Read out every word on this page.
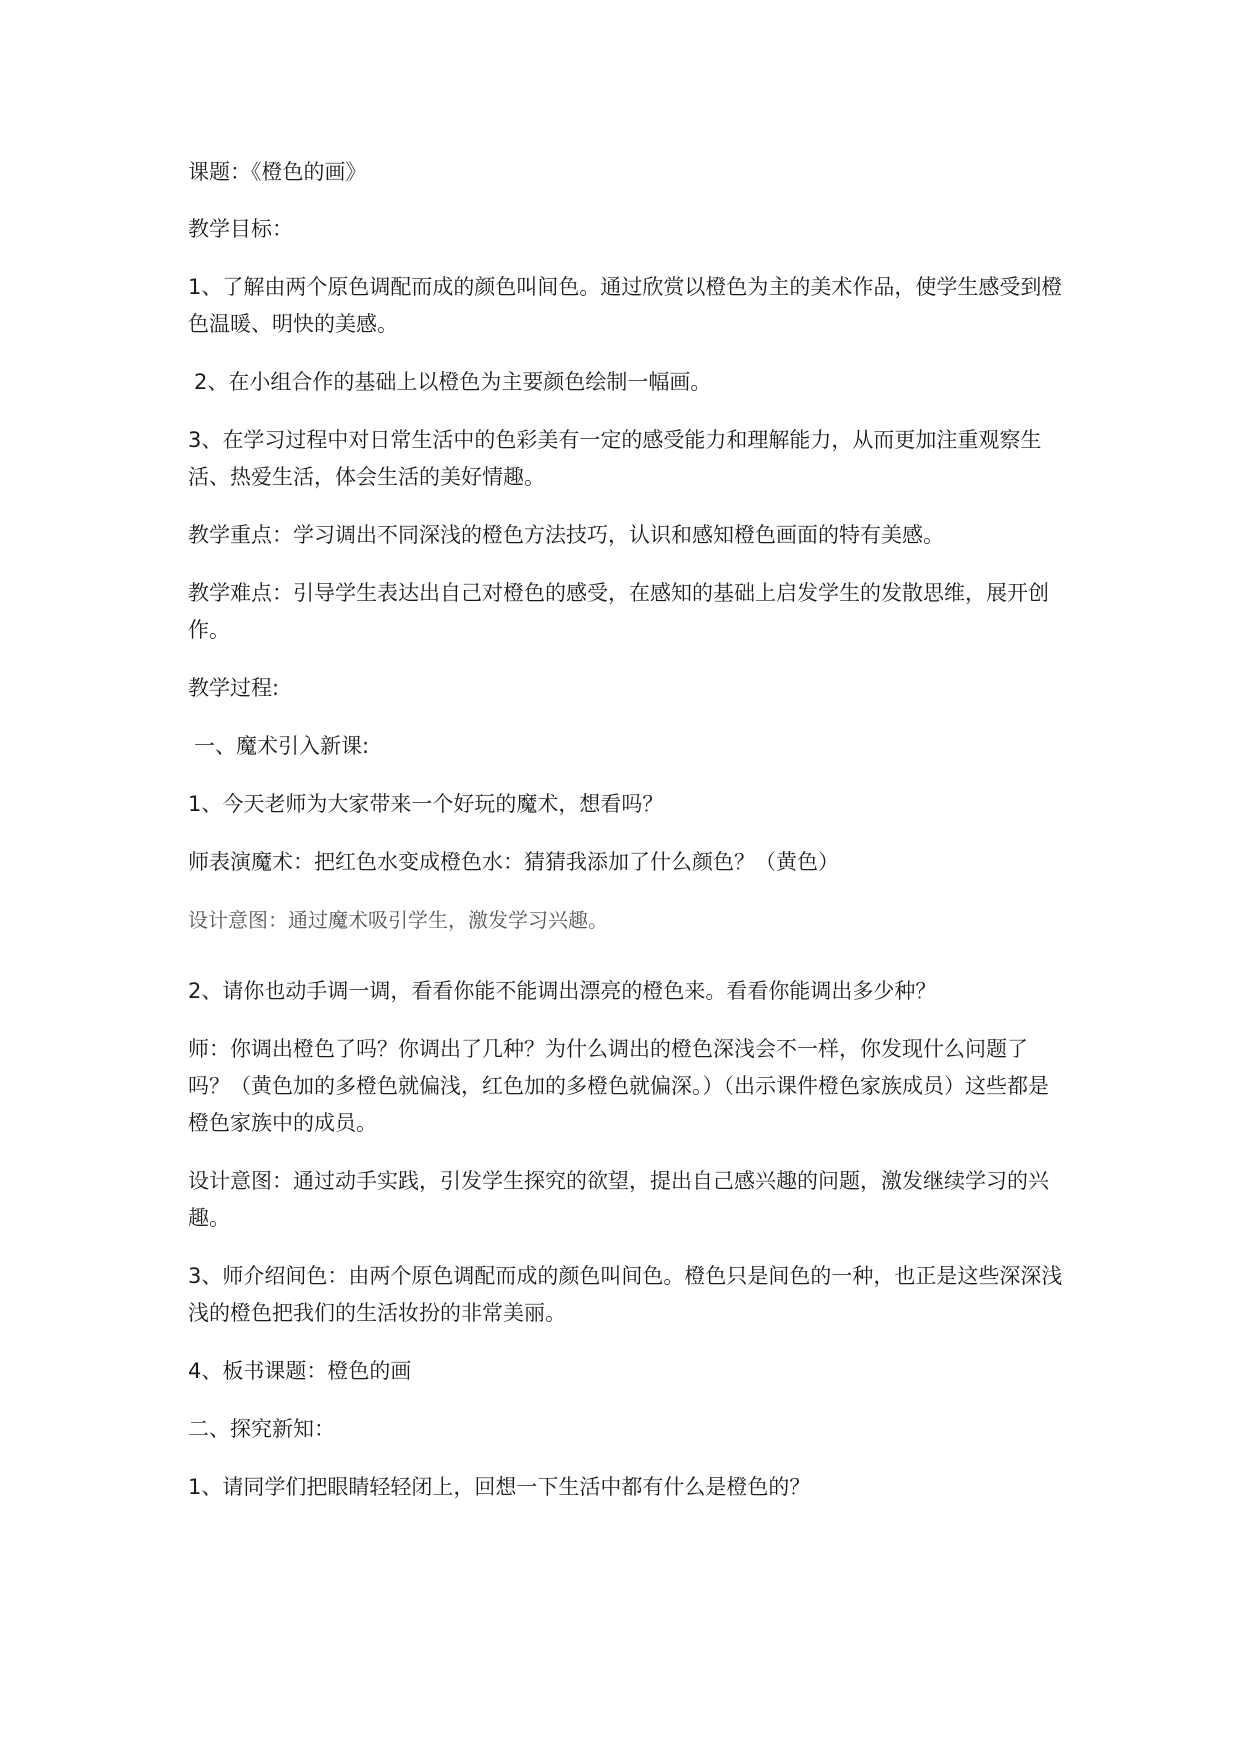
课题：《橙色的画》

教学目标：

1、了解由两个原色调配而成的颜色叫间色。通过欣赏以橙色为主的美术作品，使学生感受到橙色温暖、明快的美感。

2、在小组合作的基础上以橙色为主要颜色绘制一幅画。

3、在学习过程中对日常生活中的色彩美有一定的感受能力和理解能力，从而更加注重观察生活、热爱生活，体会生活的美好情趣。

教学重点：学习调出不同深浅的橙色方法技巧，认识和感知橙色画面的特有美感。

教学难点：引导学生表达出自己对橙色的感受，在感知的基础上启发学生的发散思维，展开创作。

教学过程:

一、魔术引入新课:

1、今天老师为大家带来一个好玩的魔术，想看吗？

师表演魔术：把红色水变成橙色水：猜猜我添加了什么颜色？（黄色）

设计意图：通过魔术吸引学生，激发学习兴趣。

2、请你也动手调一调，看看你能不能调出漂亮的橙色来。看看你能调出多少种？

师：你调出橙色了吗？你调出了几种？为什么调出的橙色深浅会不一样，你发现什么问题了吗？（黄色加的多橙色就偏浅，红色加的多橙色就偏深。）（出示课件橙色家族成员）这些都是橙色家族中的成员。

设计意图：通过动手实践，引发学生探究的欲望，提出自己感兴趣的问题，激发继续学习的兴趣。

3、师介绍间色：由两个原色调配而成的颜色叫间色。橙色只是间色的一种，也正是这些深深浅浅的橙色把我们的生活妆扮的非常美丽。

4、板书课题：橙色的画

二、探究新知：

1、请同学们把眼睛轻轻闭上，回想一下生活中都有什么是橙色的？
